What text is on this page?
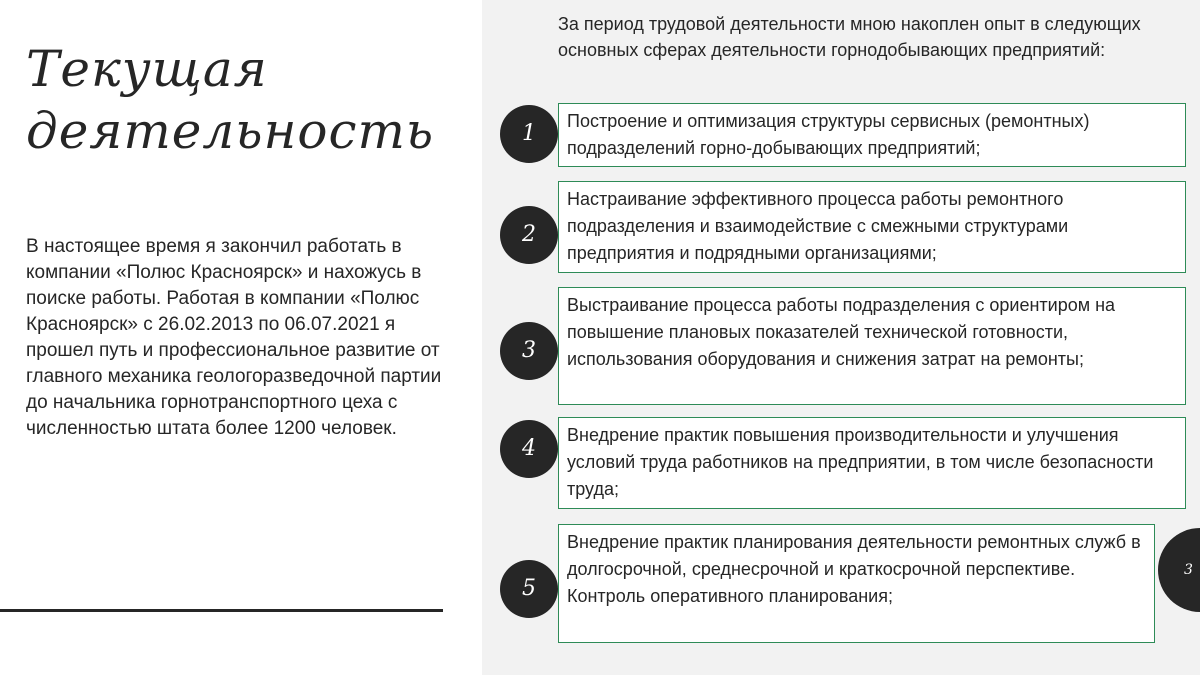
Текущая деятельность
В настоящее время я закончил работать в компании «Полюс Красноярск» и нахожусь в поиске работы. Работая в компании «Полюс Красноярск» с 26.02.2013 по 06.07.2021 я прошел путь и профессиональное развитие от главного механика геологоразведочной партии до начальника горнотранспортного цеха с численностью штата более 1200 человек.
За период трудовой деятельности мною накоплен опыт в следующих основных сферах деятельности горнодобывающих предприятий:
1	Построение и оптимизация структуры сервисных (ремонтных) подразделений горно-добывающих предприятий;
2
Настраивание эффективного процесса работы ремонтного подразделения и взаимодействие с смежными структурами предприятия и подрядными организациями;
3
Выстраивание процесса работы подразделения с ориентиром на повышение плановых показателей технической готовности, использования оборудования и снижения затрат на ремонты;
4
Внедрение практик повышения производительности и улучшения условий труда работников на предприятии, в том числе безопасности труда;
5
Внедрение практик планирования деятельности ремонтных служб в долгосрочной, среднесрочной и краткосрочной перспективе. Контроль оперативного планирования;
3
